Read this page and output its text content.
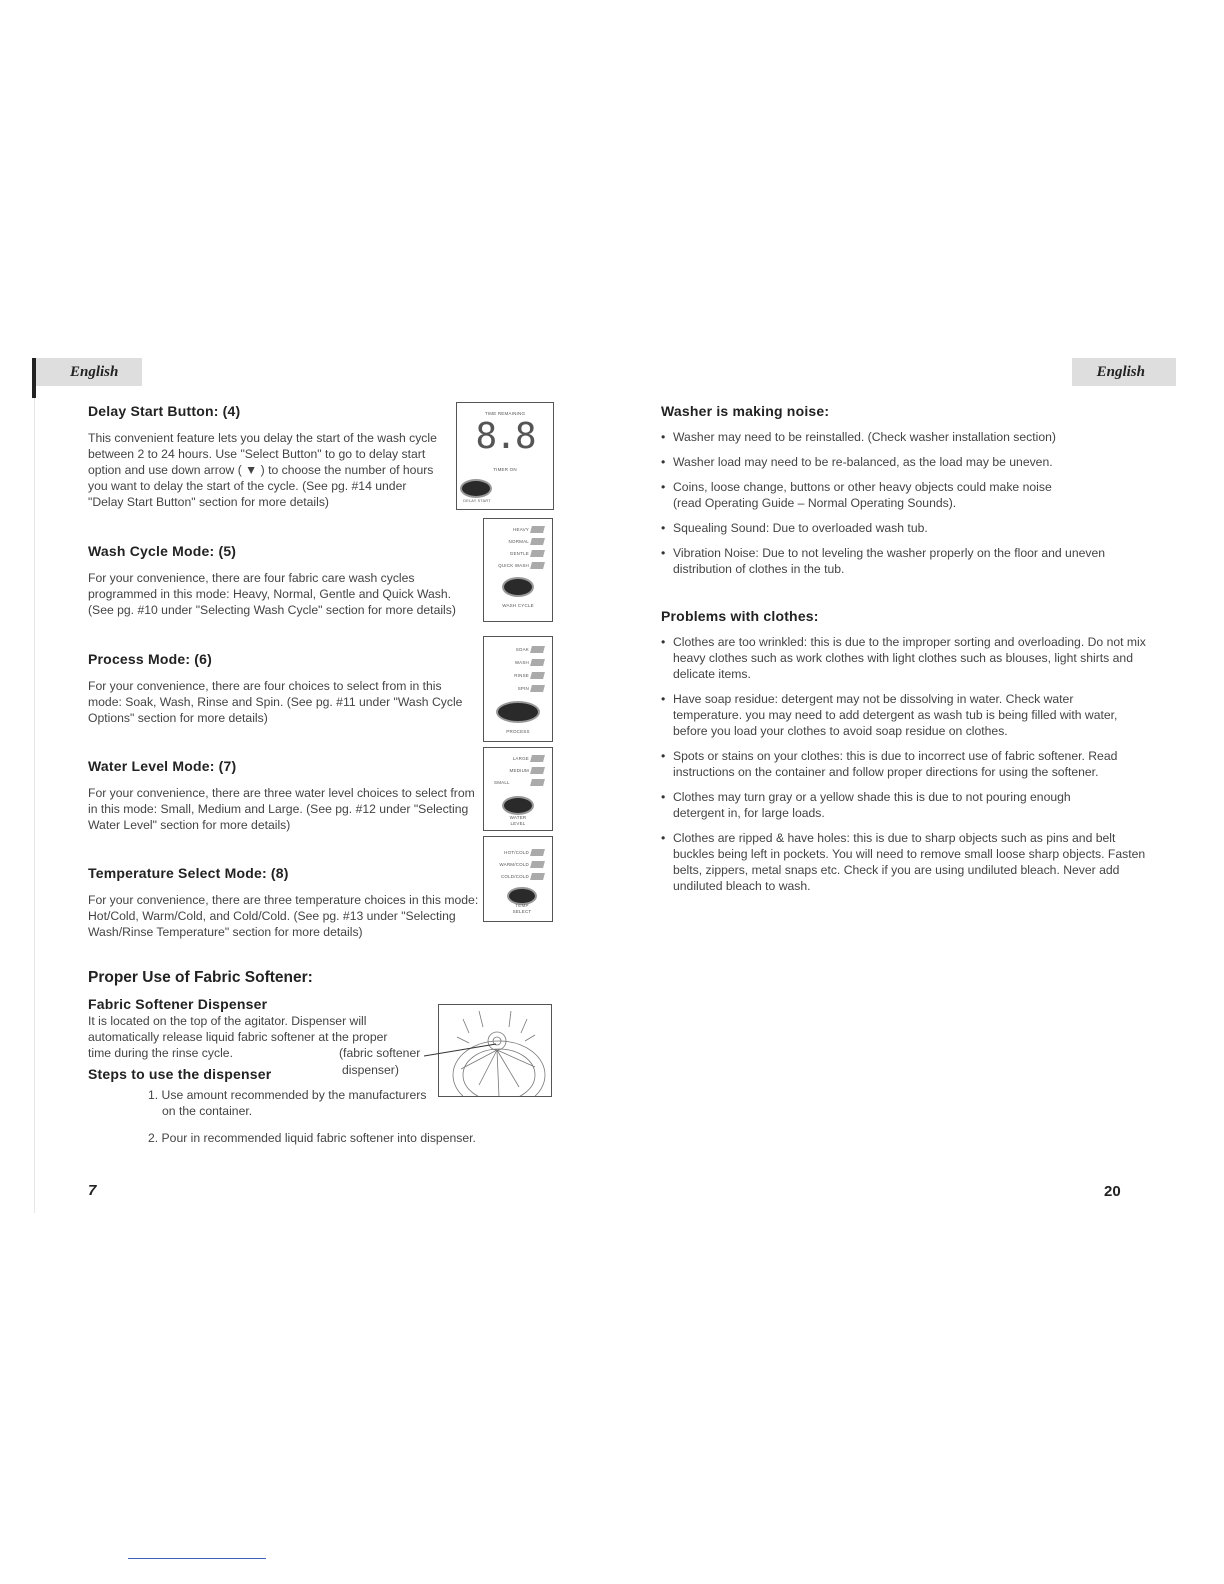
English

Delay Start Button: (4)

This convenient feature lets you delay the start of the wash cycle between 2 to 24 hours. Use "Select Button" to go to delay start option and use down arrow ( ▼ ) to choose the number of hours you want to delay the start of the cycle. (See pg. #14 under "Delay Start Button" section for more details)

Wash Cycle Mode: (5)

For your convenience, there are four fabric care wash cycles programmed in this mode: Heavy, Normal, Gentle and Quick Wash. (See pg. #10 under "Selecting Wash Cycle" section for more details)

Process Mode: (6)

For your convenience, there are four choices to select from in this mode: Soak, Wash, Rinse and Spin. (See pg. #11 under "Wash Cycle Options" section for more details)

Water Level Mode: (7)

For your convenience, there are three water level choices to select from in this mode: Small, Medium and Large. (See pg. #12 under "Selecting Water Level" section for more details)

Temperature Select Mode: (8)

For your convenience, there are three temperature choices in this mode: Hot/Cold, Warm/Cold, and Cold/Cold. (See pg. #13 under "Selecting Wash/Rinse Temperature" section for more details)

Proper Use of Fabric Softener:

Fabric Softener Dispenser

It is located on the top of the agitator. Dispenser will automatically release liquid fabric softener at the proper time during the rinse cycle.

Steps to use the dispenser

(fabric softener
dispenser)
1. Use amount recommended by the manufacturers
on the container.
2. Pour in recommended liquid fabric softener into dispenser.
TIME REMAINING
8.8
TIMER ON
DELAY START
HEAVY
NORMAL
GENTLE
QUICK WASH
WASH CYCLE
SOAK
WASH
RINSE
SPIN
PROCESS
LARGE
MEDIUM
SMALL
WATER
LEVEL
HOT/COLD
WARM/COLD
COLD/COLD
TEMP
SELECT
7
English

Washer is making noise:

• Washer may need to be reinstalled. (Check washer installation section)
• Washer load may need to be re-balanced, as the load may be uneven.
• Coins, loose change, buttons or other heavy objects could make noise (read Operating Guide – Normal Operating Sounds).
• Squealing Sound: Due to overloaded wash tub.
• Vibration Noise: Due to not leveling the washer properly on the floor and uneven distribution of clothes in the tub.

Problems with clothes:

• Clothes are too wrinkled: this is due to the improper sorting and overloading. Do not mix heavy clothes such as work clothes with light clothes such as blouses, light shirts and delicate items.
• Have soap residue: detergent may not be dissolving in water. Check water temperature. you may need to add detergent as wash tub is being filled with water, before you load your clothes to avoid soap residue on clothes.
• Spots or stains on your clothes: this is due to incorrect use of fabric softener. Read instructions on the container and follow proper directions for using the softener.
• Clothes may turn gray or a yellow shade this is due to not pouring enough detergent in, for large loads.
• Clothes are ripped & have holes: this is due to sharp objects such as pins and belt buckles being left in pockets. You will need to remove small loose sharp objects. Fasten belts, zippers, metal snaps etc. Check if you are using undiluted bleach. Never add undiluted bleach to wash.
20
